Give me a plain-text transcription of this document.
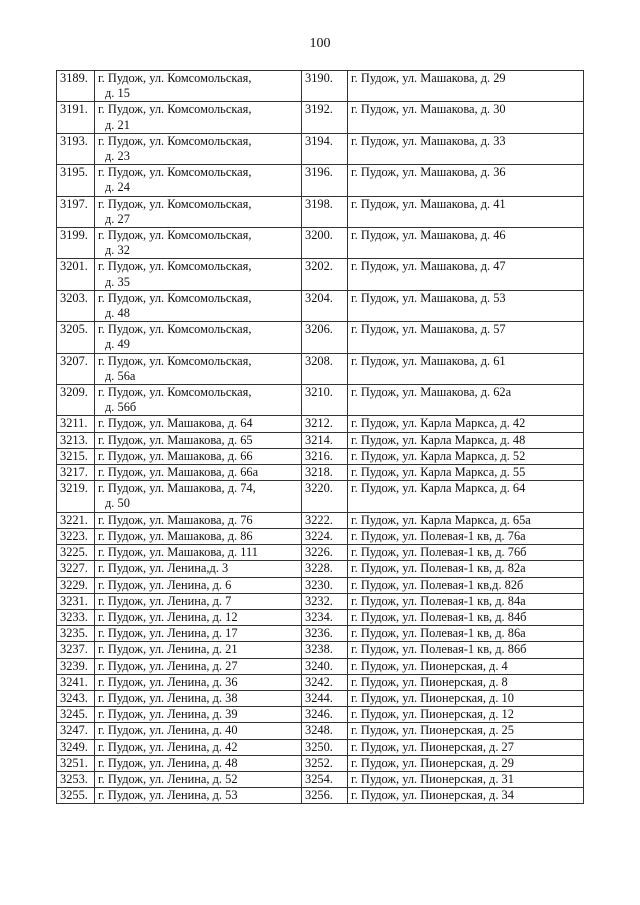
100
3189.	г. Пудож, ул. Комсомольская,
д. 15	3190.	г. Пудож, ул. Машакова, д. 29

3191.	г. Пудож, ул. Комсомольская,
д. 21	3192.	г. Пудож, ул. Машакова, д. 30

3193.	г. Пудож, ул. Комсомольская,
д. 23	3194.	г. Пудож, ул. Машакова, д. 33

3195.	г. Пудож, ул. Комсомольская,
д. 24	3196.	г. Пудож, ул. Машакова, д. 36

3197.	г. Пудож, ул. Комсомольская,
д. 27	3198.	г. Пудож, ул. Машакова, д. 41

3199.	г. Пудож, ул. Комсомольская,
д. 32	3200.	г. Пудож, ул. Машакова, д. 46

3201.	г. Пудож, ул. Комсомольская,
д. 35	3202.	г. Пудож, ул. Машакова, д. 47

3203.	г. Пудож, ул. Комсомольская,
д. 48	3204.	г. Пудож, ул. Машакова, д. 53

3205.	г. Пудож, ул. Комсомольская,
д. 49	3206.	г. Пудож, ул. Машакова, д. 57

3207.	г. Пудож, ул. Комсомольская,
д. 56а	3208.	г. Пудож, ул. Машакова, д. 61

3209.	г. Пудож, ул. Комсомольская,
д. 56б	3210.	г. Пудож, ул. Машакова, д. 62а

3211.	г. Пудож, ул. Машакова, д. 64	3212.	г. Пудож, ул. Карла Маркса, д. 42

3213.	г. Пудож, ул. Машакова, д. 65	3214.	г. Пудож, ул. Карла Маркса, д. 48

3215.	г. Пудож, ул. Машакова, д. 66	3216.	г. Пудож, ул. Карла Маркса, д. 52

3217.	г. Пудож, ул. Машакова, д. 66а	3218.	г. Пудож, ул. Карла Маркса, д. 55

3219.	г. Пудож, ул. Машакова, д. 74,
д. 50	3220.	г. Пудож, ул. Карла Маркса, д. 64

3221.	г. Пудож, ул. Машакова, д. 76	3222.	г. Пудож, ул. Карла Маркса, д. 65а

3223.	г. Пудож, ул. Машакова, д. 86	3224.	г. Пудож, ул. Полевая-1 кв, д. 76а

3225.	г. Пудож, ул. Машакова, д. 111	3226.	г. Пудож, ул. Полевая-1 кв, д. 76б

3227.	г. Пудож, ул. Ленина,д. 3	3228.	г. Пудож, ул. Полевая-1 кв, д. 82а

3229.	г. Пудож, ул. Ленина, д. 6	3230.	г. Пудож, ул. Полевая-1 кв,д. 82б

3231.	г. Пудож, ул. Ленина, д. 7	3232.	г. Пудож, ул. Полевая-1 кв, д. 84а

3233.	г. Пудож, ул. Ленина, д. 12	3234.	г. Пудож, ул. Полевая-1 кв, д. 84б

3235.	г. Пудож, ул. Ленина, д. 17	3236.	г. Пудож, ул. Полевая-1 кв, д. 86а

3237.	г. Пудож, ул. Ленина, д. 21	3238.	г. Пудож, ул. Полевая-1 кв, д. 86б

3239.	г. Пудож, ул. Ленина, д. 27	3240.	г. Пудож, ул. Пионерская, д. 4

3241.	г. Пудож, ул. Ленина, д. 36	3242.	г. Пудож, ул. Пионерская, д. 8

3243.	г. Пудож, ул. Ленина, д. 38	3244.	г. Пудож, ул. Пионерская, д. 10

3245.	г. Пудож, ул. Ленина, д. 39	3246.	г. Пудож, ул. Пионерская, д. 12

3247.	г. Пудож, ул. Ленина, д. 40	3248.	г. Пудож, ул. Пионерская, д. 25

3249.	г. Пудож, ул. Ленина, д. 42	3250.	г. Пудож, ул. Пионерская, д. 27

3251.	г. Пудож, ул. Ленина, д. 48	3252.	г. Пудож, ул. Пионерская, д. 29

3253.	г. Пудож, ул. Ленина, д. 52	3254.	г. Пудож, ул. Пионерская, д. 31

3255.	г. Пудож, ул. Ленина, д. 53	3256.	г. Пудож, ул. Пионерская, д. 34
